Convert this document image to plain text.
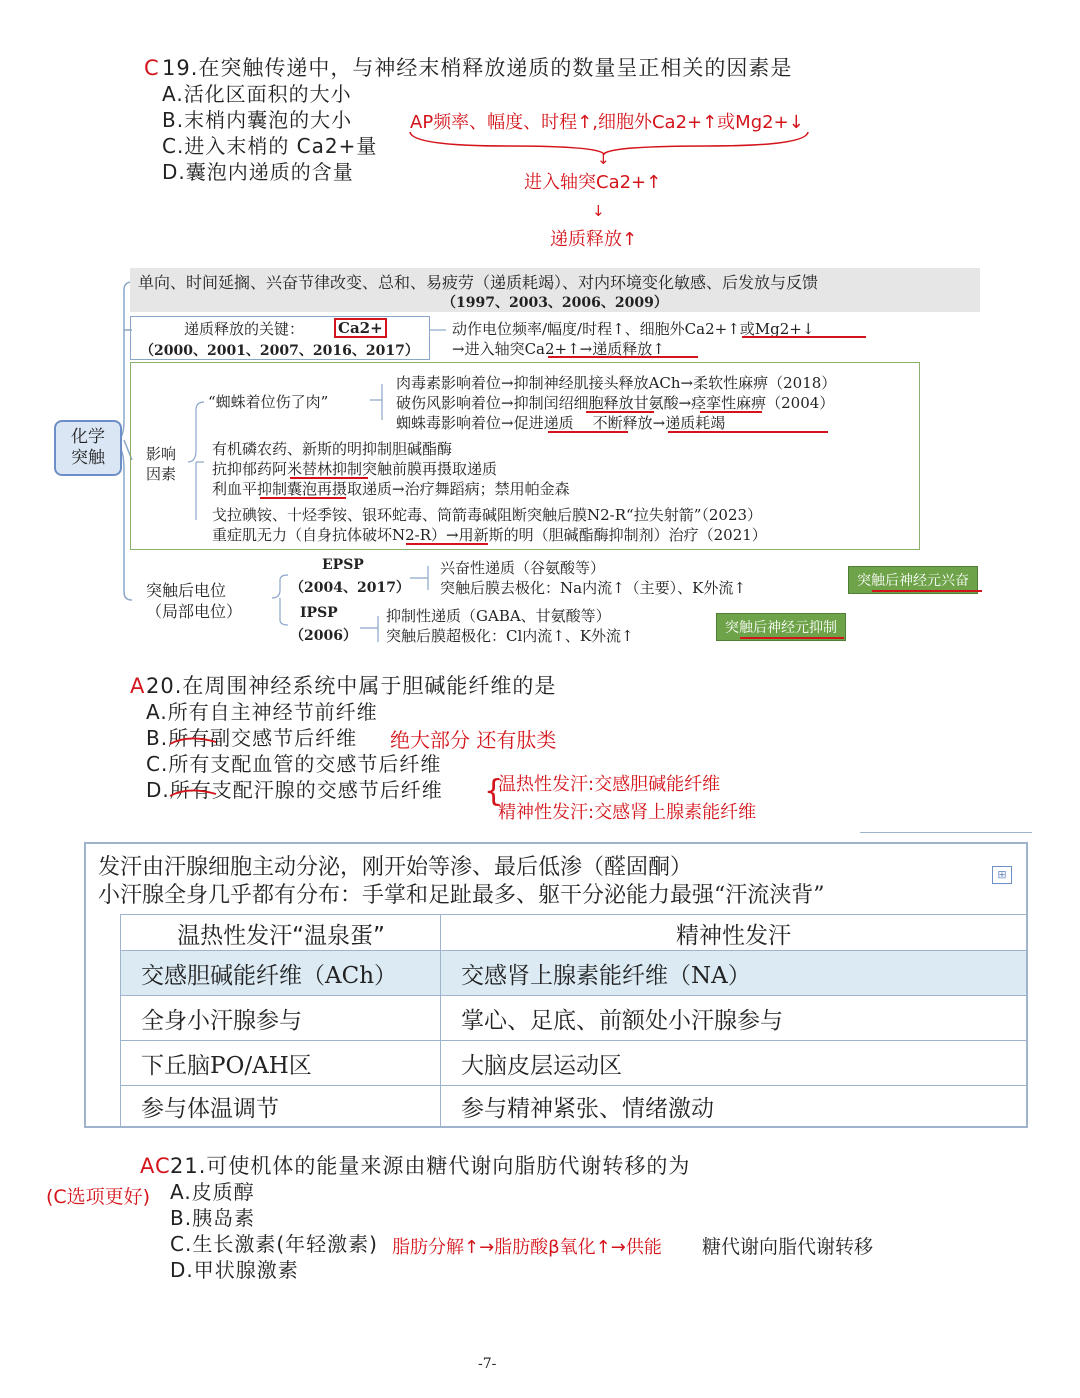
C 19.在突触传递中，与神经末梢释放递质的数量呈正相关的因素是
A.活化区面积的大小
B.末梢内囊泡的大小
C.进入末梢的 Ca2+量
D.囊泡内递质的含量
AP频率、幅度、时程↑,细胞外Ca2+↑或Mg2+↓
↓
进入轴突Ca2+↑
↓
递质释放↑
化学
突触
单向、时间延搁、兴奋节律改变、总和、易疲劳（递质耗竭）、对内环境变化敏感、后发放与反馈
（1997、2003、2006、2009）
递质释放的关键： Ca2+
（2000、2001、2007、2016、2017）
动作电位频率/幅度/时程↑、细胞外Ca2+↑或Mg2+↓
→进入轴突Ca2+↑→递质释放↑
影响
因素
“蜘蛛着位伤了肉”
肉毒素影响着位→抑制神经肌接头释放ACh→柔软性麻痹（2018）
破伤风影响着位→抑制闰绍细胞释放甘氨酸→痉挛性麻痹（2004）
蜘蛛毒影响着位→促进递质    不断释放→递质耗竭
有机磷农药、新斯的明抑制胆碱酯酶
抗抑郁药阿米替林抑制突触前膜再摄取递质
利血平抑制囊泡再摄取递质→治疗舞蹈病；禁用帕金森
戈拉碘铵、十烃季铵、银环蛇毒、筒箭毒碱阻断突触后膜N2-R“拉失射箭”（2023）
重症肌无力（自身抗体破坏N2-R）→用新斯的明（胆碱酯酶抑制剂）治疗（2021）
突触后电位
（局部电位）
EPSP
（2004、2017）
兴奋性递质（谷氨酸等）
突触后膜去极化：Na内流↑（主要）、K外流↑	突触后神经元兴奋
IPSP
（2006）
抑制性递质（GABA、甘氨酸等）
突触后膜超极化：Cl内流↑、K外流↑	突触后神经元抑制
A 20.在周围神经系统中属于胆碱能纤维的是
A.所有自主神经节前纤维
B.所有副交感节后纤维
C.所有支配血管的交感节后纤维
D.所有支配汗腺的交感节后纤维
绝大部分 还有肽类
{
温热性发汗:交感胆碱能纤维
精神性发汗:交感肾上腺素能纤维
发汗由汗腺细胞主动分泌，刚开始等渗、最后低渗（醛固酮）
小汗腺全身几乎都有分布：手掌和足趾最多、躯干分泌能力最强“汗流浃背”
⊞
温热性发汗“温泉蛋”	精神性发汗
交感胆碱能纤维（ACh）	交感肾上腺素能纤维（NA）
全身小汗腺参与	掌心、足底、前额处小汗腺参与
下丘脑PO/AH区	大脑皮层运动区
参与体温调节	参与精神紧张、情绪激动
AC
(C选项更好)
21.可使机体的能量来源由糖代谢向脂肪代谢转移的为
A.皮质醇
B.胰岛素
C.生长激素(年轻激素)
D.甲状腺激素
脂肪分解↑→脂肪酸β氧化↑→供能 糖代谢向脂代谢转移
-7-
